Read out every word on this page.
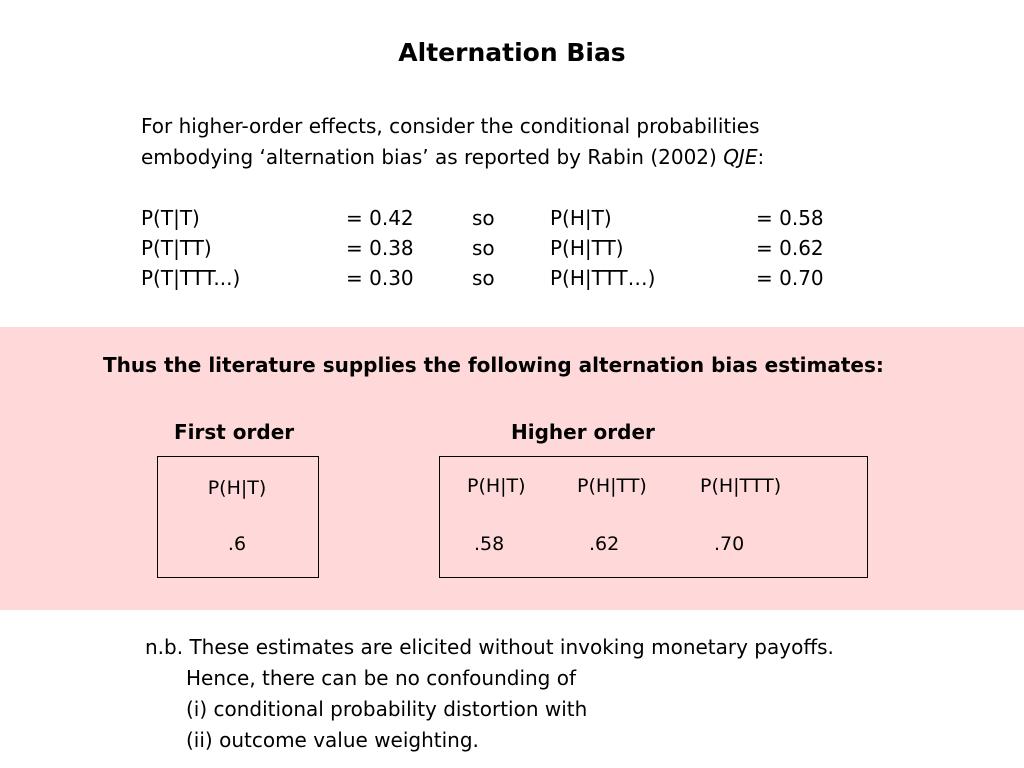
Alternation Bias
For higher-order effects, consider the conditional probabilities
embodying ‘alternation bias’ as reported by Rabin (2002) QJE:
P(T|T)	= 0.42	so	P(H|T)	= 0.58
P(T|TT)	= 0.38	so	P(H|TT)	= 0.62
P(T|TTT...)	= 0.30	so	P(H|TTT…)	= 0.70
Thus the literature supplies the following alternation bias estimates:
First order	Higher order
P(H|T)
.6
P(H|T)	P(H|TT)	P(H|TTT)
.58	.62	.70
n.b. These estimates are elicited without invoking monetary payoffs.
Hence, there can be no confounding of
(i) conditional probability distortion with
(ii) outcome value weighting.
